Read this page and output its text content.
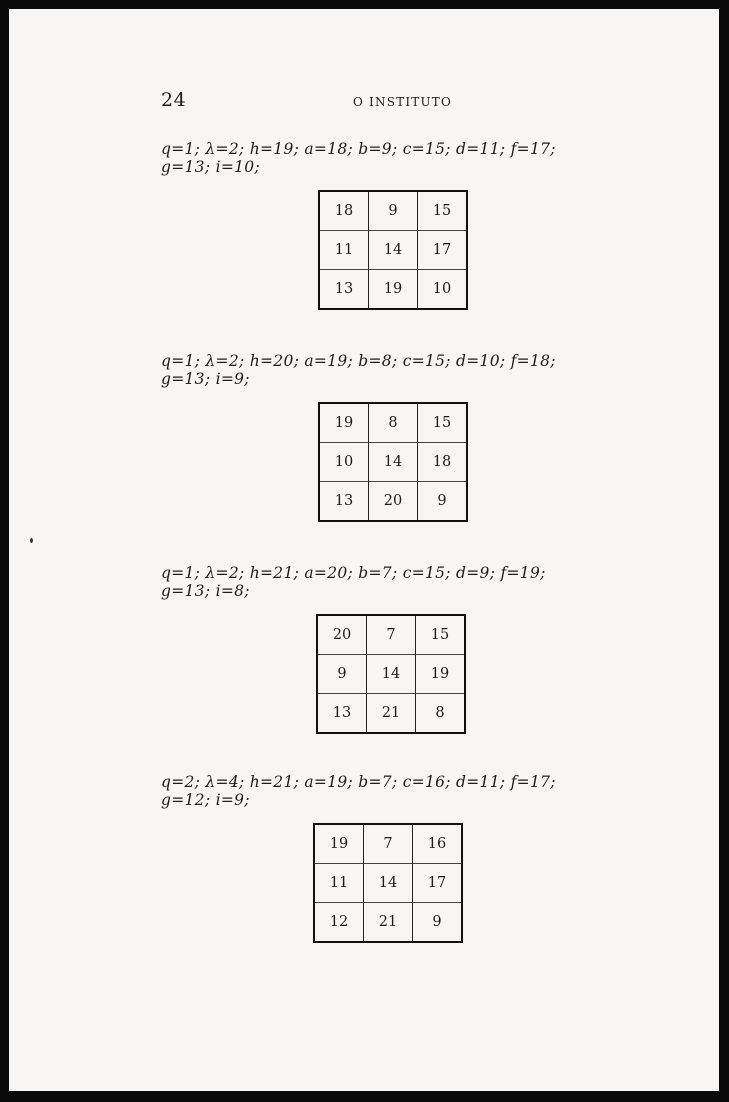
24	O INSTITUTO

q=1; λ=2; h=19; a=18; b=9; c=15; d=11; f=17;
g=13; i=10;

18	9	15
11	14	17
13	19	10

q=1; λ=2; h=20; a=19; b=8; c=15; d=10; f=18;
g=13; i=9;

19	8	15
10	14	18
13	20	9

q=1; λ=2; h=21; a=20; b=7; c=15; d=9; f=19;
g=13; i=8;

20	7	15
9	14	19
13	21	8

q=2; λ=4; h=21; a=19; b=7; c=16; d=11; f=17;
g=12; i=9;

19	7	16
11	14	17
12	21	9
